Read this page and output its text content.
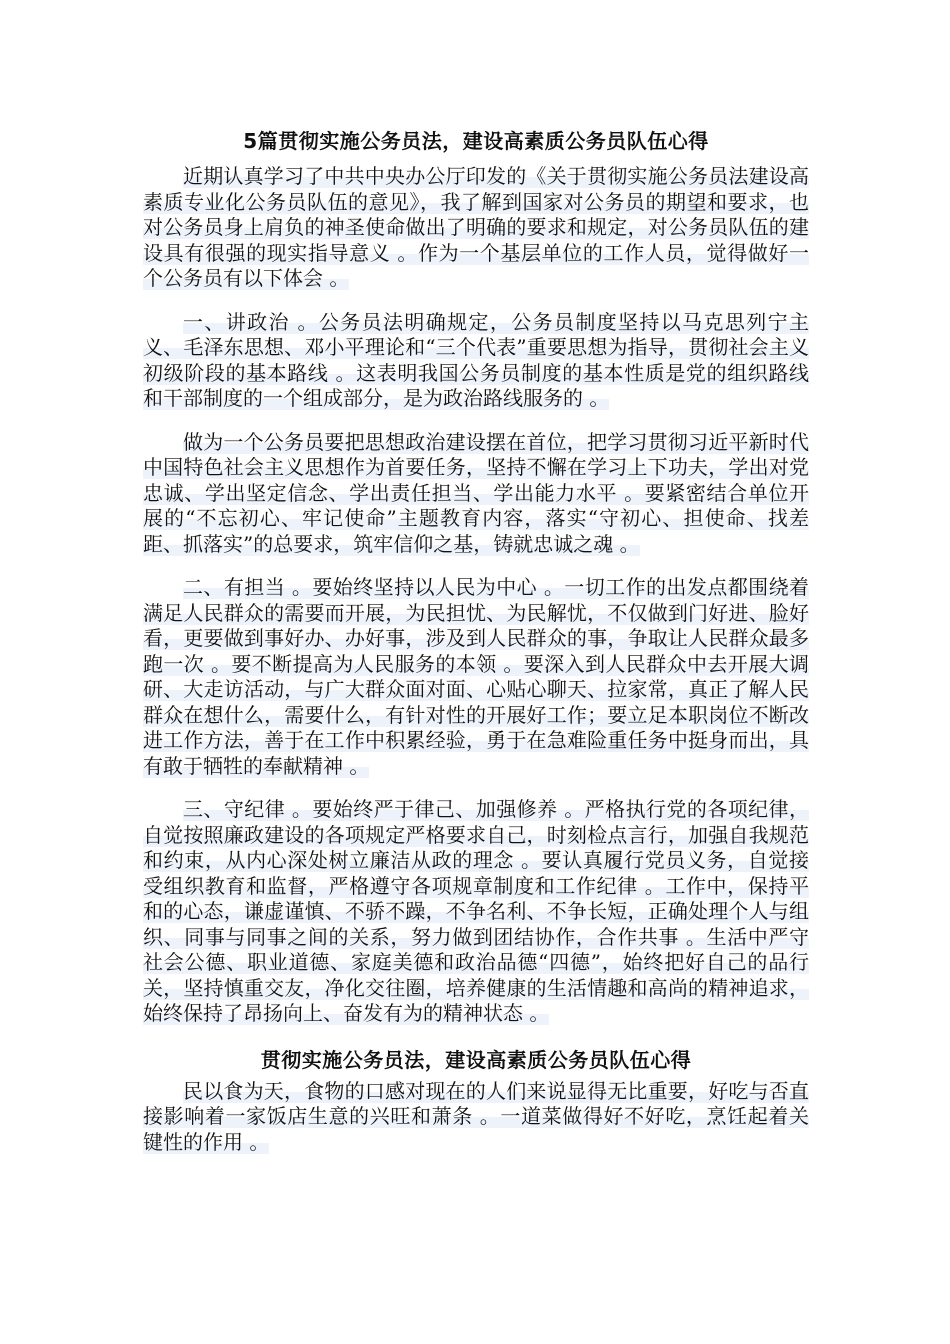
5篇贯彻实施公务员法，建设高素质公务员队伍心得

近期认真学习了中共中央办公厅印发的《关于贯彻实施公务员法建设高素质专业化公务员队伍的意见》，我了解到国家对公务员的期望和要求，也对公务员身上肩负的神圣使命做出了明确的要求和规定，对公务员队伍的建设具有很强的现实指导意义 。作为一个基层单位的工作人员，觉得做好一个公务员有以下体会 。

一、讲政治 。公务员法明确规定，公务员制度坚持以马克思列宁主义、毛泽东思想、邓小平理论和“三个代表”重要思想为指导，贯彻社会主义初级阶段的基本路线 。这表明我国公务员制度的基本性质是党的组织路线和干部制度的一个组成部分，是为政治路线服务的 。

做为一个公务员要把思想政治建设摆在首位，把学习贯彻习近平新时代中国特色社会主义思想作为首要任务，坚持不懈在学习上下功夫，学出对党忠诚、学出坚定信念、学出责任担当、学出能力水平 。要紧密结合单位开展的“不忘初心、牢记使命”主题教育内容，落实“守初心、担使命、找差距、抓落实”的总要求，筑牢信仰之基，铸就忠诚之魂 。

二、有担当 。要始终坚持以人民为中心 。一切工作的出发点都围绕着满足人民群众的需要而开展，为民担忧、为民解忧，不仅做到门好进、脸好看，更要做到事好办、办好事，涉及到人民群众的事，争取让人民群众最多跑一次 。要不断提高为人民服务的本领 。要深入到人民群众中去开展大调研、大走访活动，与广大群众面对面、心贴心聊天、拉家常，真正了解人民群众在想什么，需要什么，有针对性的开展好工作；要立足本职岗位不断改进工作方法，善于在工作中积累经验，勇于在急难险重任务中挺身而出，具有敢于牺牲的奉献精神 。

三、守纪律 。要始终严于律己、加强修养 。严格执行党的各项纪律，自觉按照廉政建设的各项规定严格要求自己，时刻检点言行，加强自我规范和约束，从内心深处树立廉洁从政的理念 。要认真履行党员义务，自觉接受组织教育和监督，严格遵守各项规章制度和工作纪律 。工作中，保持平和的心态，谦虚谨慎、不骄不躁，不争名利、不争长短，正确处理个人与组织、同事与同事之间的关系，努力做到团结协作，合作共事 。生活中严守社会公德、职业道德、家庭美德和政治品德“四德”，始终把好自己的品行关，坚持慎重交友，净化交往圈，培养健康的生活情趣和高尚的精神追求，始终保持了昂扬向上、奋发有为的精神状态 。

贯彻实施公务员法，建设高素质公务员队伍心得

民以食为天，食物的口感对现在的人们来说显得无比重要，好吃与否直接影响着一家饭店生意的兴旺和萧条 。一道菜做得好不好吃，烹饪起着关键性的作用 。
